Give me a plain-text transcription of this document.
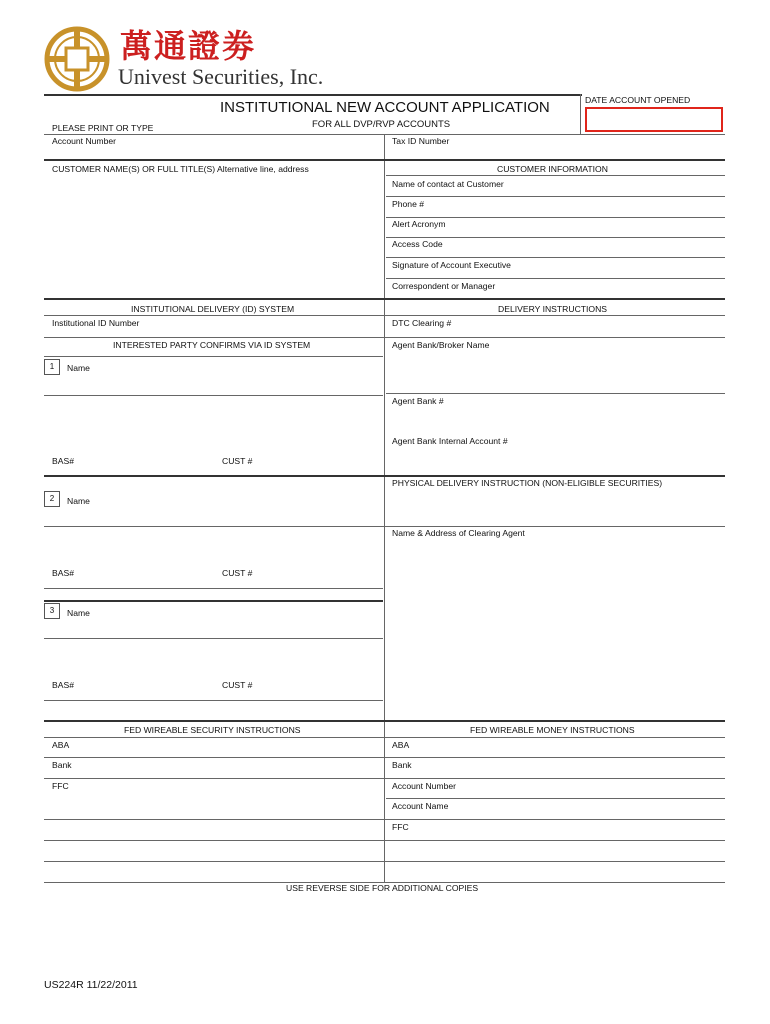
萬通證劵
Univest Securities, Inc.
INSTITUTIONAL NEW ACCOUNT APPLICATION
FOR ALL DVP/RVP ACCOUNTS
DATE ACCOUNT OPENED
PLEASE PRINT OR TYPE
Account Number	Tax ID Number
CUSTOMER NAME(S) OR FULL TITLE(S) Alternative line, address	CUSTOMER INFORMATION
Name of contact at Customer
Phone #
Alert Acronym
Access Code
Signature of Account Executive
Correspondent or Manager
INSTITUTIONAL DELIVERY (ID) SYSTEM	DELIVERY INSTRUCTIONS
Institutional ID Number	DTC Clearing #
INTERESTED PARTY CONFIRMS VIA ID SYSTEM	Agent Bank/Broker Name
1	Name
Agent Bank #
Agent Bank Internal Account #
BAS#	CUST #
PHYSICAL DELIVERY INSTRUCTION (NON-ELIGIBLE SECURITIES)
2	Name
Name & Address of Clearing Agent
BAS#	CUST #
3	Name
BAS#	CUST #
FED WIREABLE SECURITY INSTRUCTIONS	FED WIREABLE MONEY INSTRUCTIONS
ABA	ABA
Bank	Bank
FFC	Account Number
Account Name
FFC
USE REVERSE SIDE FOR ADDITIONAL COPIES
US224R 11/22/2011
